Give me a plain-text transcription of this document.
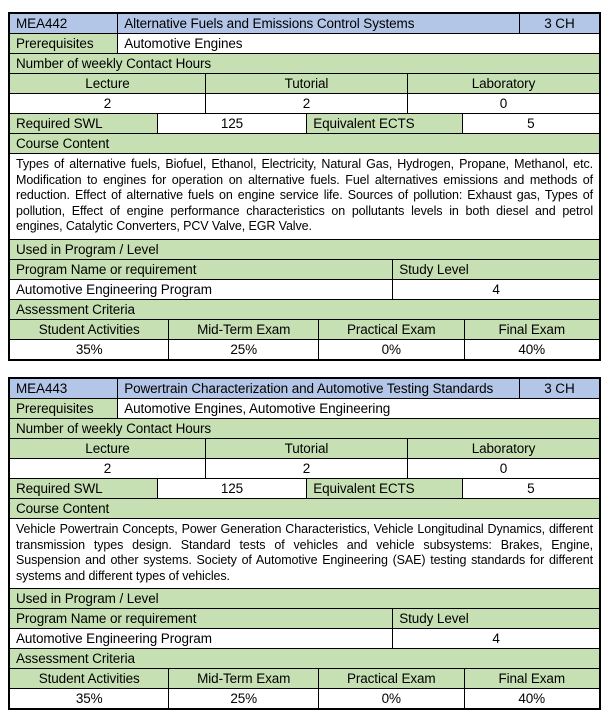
MEA442	Alternative Fuels and Emissions Control Systems	3 CH
Prerequisites	Automotive Engines
Number of weekly Contact Hours
Lecture	Tutorial	Laboratory
2	2	0
Required SWL	125	Equivalent ECTS	5
Course Content
Types of alternative fuels, Biofuel, Ethanol, Electricity, Natural Gas, Hydrogen, Propane, Methanol, etc. Modification to engines for operation on alternative fuels. Fuel alternatives emissions and methods of reduction. Effect of alternative fuels on engine service life. Sources of pollution: Exhaust gas, Types of pollution, Effect of engine performance characteristics on pollutants levels in both diesel and petrol engines, Catalytic Converters, PCV Valve, EGR Valve.
Used in Program / Level
Program Name or requirement	Study Level
Automotive Engineering Program	4
Assessment Criteria
Student Activities	Mid-Term Exam	Practical Exam	Final Exam
35%	25%	0%	40%
MEA443	Powertrain Characterization and Automotive Testing Standards	3 CH
Prerequisites	Automotive Engines, Automotive Engineering
Number of weekly Contact Hours
Lecture	Tutorial	Laboratory
2	2	0
Required SWL	125	Equivalent ECTS	5
Course Content
Vehicle Powertrain Concepts, Power Generation Characteristics, Vehicle Longitudinal Dynamics, different transmission types design. Standard tests of vehicles and vehicle subsystems: Brakes, Engine, Suspension and other systems. Society of Automotive Engineering (SAE) testing standards for different systems and different types of vehicles.
Used in Program / Level
Program Name or requirement	Study Level
Automotive Engineering Program	4
Assessment Criteria
Student Activities	Mid-Term Exam	Practical Exam	Final Exam
35%	25%	0%	40%
